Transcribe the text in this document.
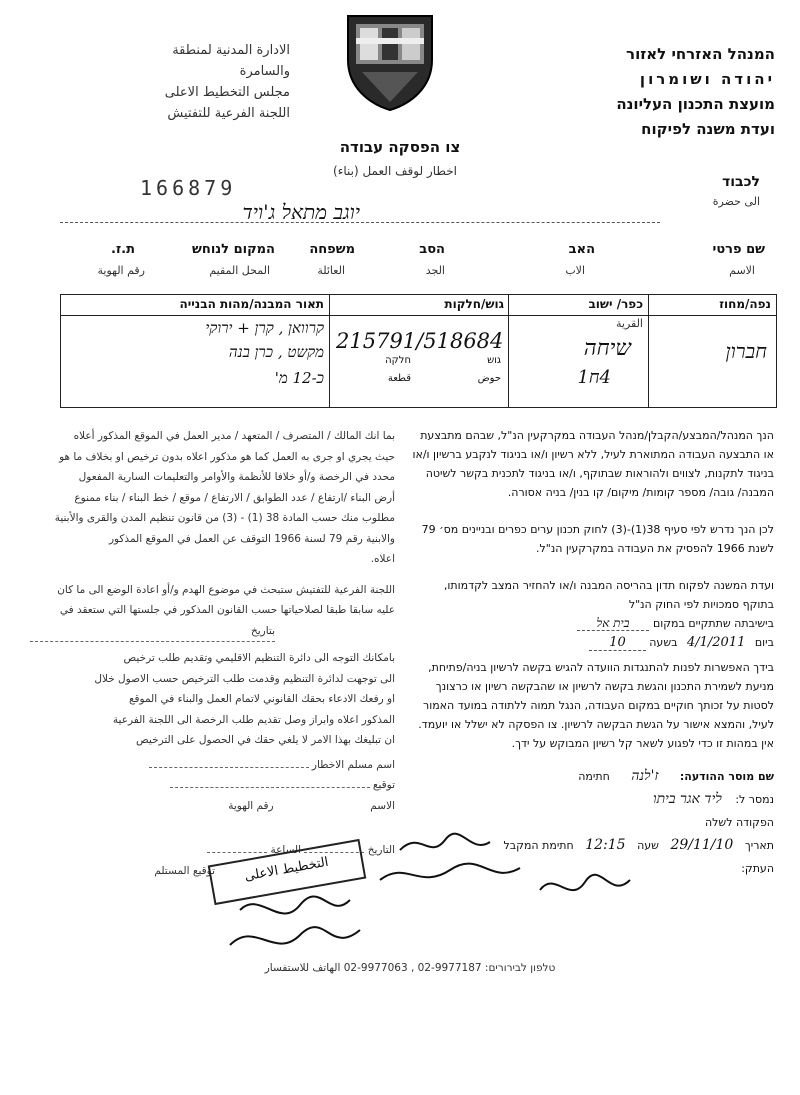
המנהל האזרחי לאזור
יהודה ושומרון
מועצת התכנון העליונה
ועדת משנה לפיקוח
الادارة المدنية لمنطقة
والسامرة
مجلس التخطيط الاعلى
اللجنة الفرعية للتفتيش
צו הפסקה עבודה
اخطار لوقف العمل (بناء)
166879	לכבוד
الى حضرة
יוגב מתאל ג'ויד
שם פרטי
الاسم
האב
الاب
הסב
الجد
משפחה
العائلة
המקום לנוחש
المحل المقيم
ת.ז.
رقم الهوية
נפה/מחוז
כפר/ ישוב
القرية
גוש/חלקות
תאור המבנה/מהות הבנייה
חברון
שיחה
4ח1
215791/518684
גוש
חלקה
حوض
قطعة
קרוואן , קרן + ירוקי
מקשט , כרן בנה
כ-12 מ'
הנך המנהל/המבצע/הקבלן/מנהל העבודה במקרקעין הנ"ל, שבהם מתבצעת או התבצעה העבודה המתוארת לעיל, ללא רשיון ו/או בניגוד לנקבע ברשיון ו/או בניגוד לתקנות, לצווים ולהוראות שבתוקף, ו/או בניגוד לתכנית בקשר לשיטה המבנה/ גובה/ מספר קומות/ מיקום/ קו בנין/ בניה אסורה.
לכן הנך נדרש לפי סעיף 38(1)-(3) לחוק תכנון ערים כפרים ובניינים מס׳ 79 לשנת 1966 להפסיק את העבודה במקרקעין הנ"ל.
ועדת המשנה לפקוח תדון בהריסה המבנה ו/או להחזיר המצב לקדמותו, בתוקף סמכויות לפי החוק הנ"ל
בישיבתה שתתקיים במקום בית אל
ביום 4/1/2011 בשעה 10
בידך האפשרות לפנות להתנגדות הוועדה להגיש בקשה לרשיון בניה/פתיחת, מניעת לשמירת התכנון והגשת בקשה לרשיון או שהבקשה רשיון או כרצונך לסטות על זכותך חוקיים במקום העבודה, הנגל תמוה ללתודה במועד האמור לעיל, והמצא אישור על הגשת הבקשה לרשיון. צו הפסקה לא ישלל או יועמד.
אין במהות זו כדי לפגוע לשאר קל רשיון המבוקש על ידך.
שם מוסר ההודעה: ז'לנה חתימה
נמסר ל: ליד אגר ביתו
הפקודה לשלה
תאריך 29/11/10 שעה 12:15 חתימת המקבל
העתק:
بما انك المالك / المتصرف / المتعهد / مدير العمل في الموقع المذكور أعلاه
حيث يجري او جرى به العمل كما هو مذكور اعلاه بدون ترخيص او بخلاف ما هو
محدد في الرخصة و/أو خلافا للأنظمة والأوامر والتعليمات السارية المفعول
أرض البناء /ارتفاع / عدد الطوابق / الارتفاع / موقع / خط البناء / بناء ممنوع
مطلوب منك حسب المادة 38 (1) - (3) من قانون تنظيم المدن والقرى والأبنية
والابنية رقم 79 لسنة 1966 التوقف عن العمل في الموقع المذكور
اعلاه.
اللجنة الفرعية للتفتيش ستبحث في موضوع الهدم و/أو اعادة الوضع الى ما كان
عليه سابقا طبقا لصلاحياتها حسب القانون المذكور في جلستها التي ستعقد في
بتاريخ
بامكانك التوجه الى دائرة التنظيم الاقليمي وتقديم طلب ترخيص
الى توجهت لدائرة التنظيم وقدمت طلب الترخيص حسب الاصول خلال
او رفعك الادعاء بحقك القانوني لاتمام العمل والبناء في الموقع
المذكور اعلاه وابراز وصل تقديم طلب الرخصة الى اللجنة الفرعية
ان تبليغك بهذا الامر لا يلغي حقك في الحصول على الترخيص
اسم مسلم الاخطار
توقيع
الاسم  رقم الهوية
التاريخ  الساعة
توقيع المستلم	التخطيط الاعلى
טלפון לבירורים: 02-9977187 , 02-9977063 الهاتف للاستفسار
